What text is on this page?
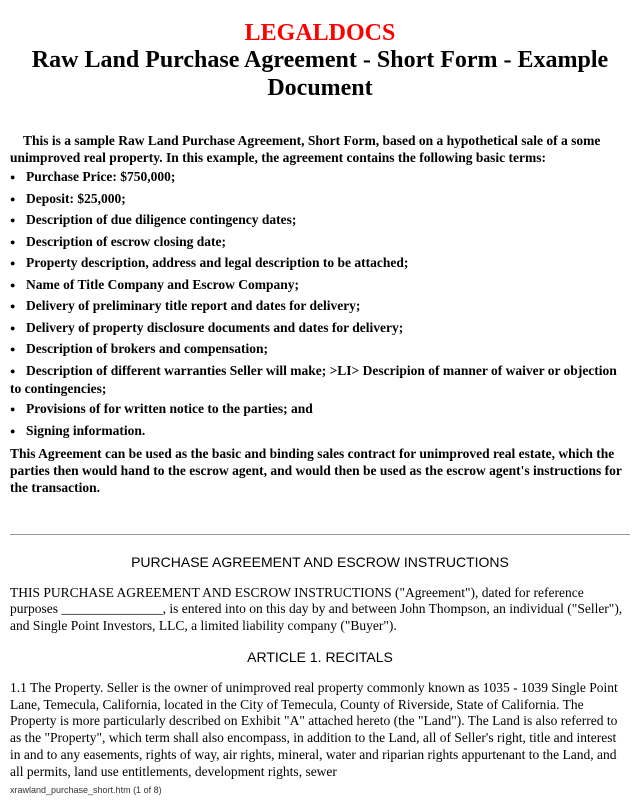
LEGALDOCS
Raw Land Purchase Agreement - Short Form - Example Document

This is a sample Raw Land Purchase Agreement, Short Form, based on a hypothetical sale of a some unimproved real property. In this example, the agreement contains the following basic terms:

● Purchase Price: $750,000;
● Deposit: $25,000;
● Description of due diligence contingency dates;
● Description of escrow closing date;
● Property description, address and legal description to be attached;
● Name of Title Company and Escrow Company;
● Delivery of preliminary title report and dates for delivery;
● Delivery of property disclosure documents and dates for delivery;
● Description of brokers and compensation;
● Description of different warranties Seller will make; >LI> Descripion of manner of waiver or objection to contingencies;
● Provisions of for written notice to the parties; and
● Signing information.

This Agreement can be used as the basic and binding sales contract for unimproved real estate, which the parties then would hand to the escrow agent, and would then be used as the escrow agent's instructions for the transaction.

PURCHASE AGREEMENT AND ESCROW INSTRUCTIONS

THIS PURCHASE AGREEMENT AND ESCROW INSTRUCTIONS ("Agreement"), dated for reference purposes _______________, is entered into on this day by and between John Thompson, an individual ("Seller"), and Single Point Investors, LLC, a limited liability company ("Buyer").

ARTICLE 1. RECITALS

1.1 The Property. Seller is the owner of unimproved real property commonly known as 1035 - 1039 Single Point Lane, Temecula, California, located in the City of Temecula, County of Riverside, State of California. The Property is more particularly described on Exhibit "A" attached hereto (the "Land"). The Land is also referred to as the "Property", which term shall also encompass, in addition to the Land, all of Seller's right, title and interest in and to any easements, rights of way, air rights, mineral, water and riparian rights appurtenant to the Land, and all permits, land use entitlements, development rights, sewer

xrawland_purchase_short.htm (1 of 8)
